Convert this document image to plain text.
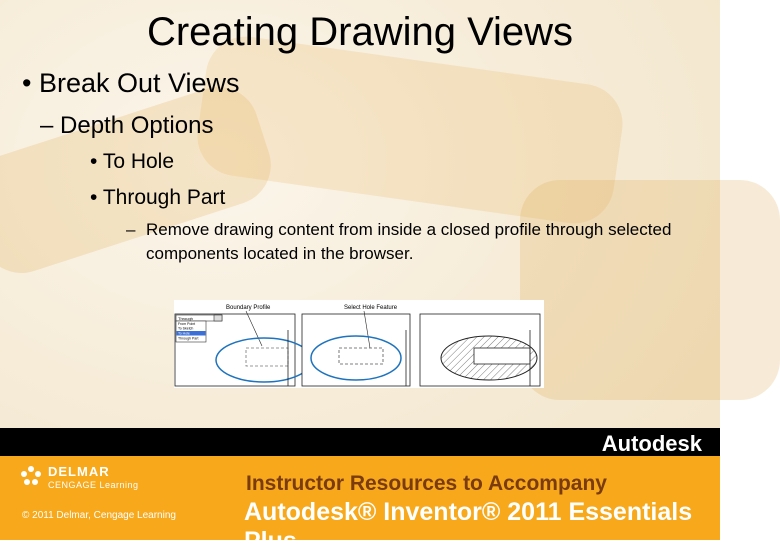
Creating Drawing Views
• Break Out Views
– Depth Options
• To Hole
• Through Part
– Remove drawing content from inside a closed profile through selected components located in the browser.
Through
From Point
To Sketch
To Hole
Through Part
Boundary Profile	Select Hole Feature
Autodesk
DELMAR
CENGAGE Learning
© 2011 Delmar, Cengage Learning
Instructor Resources to Accompany
Autodesk® Inventor® 2011 Essentials Plus
